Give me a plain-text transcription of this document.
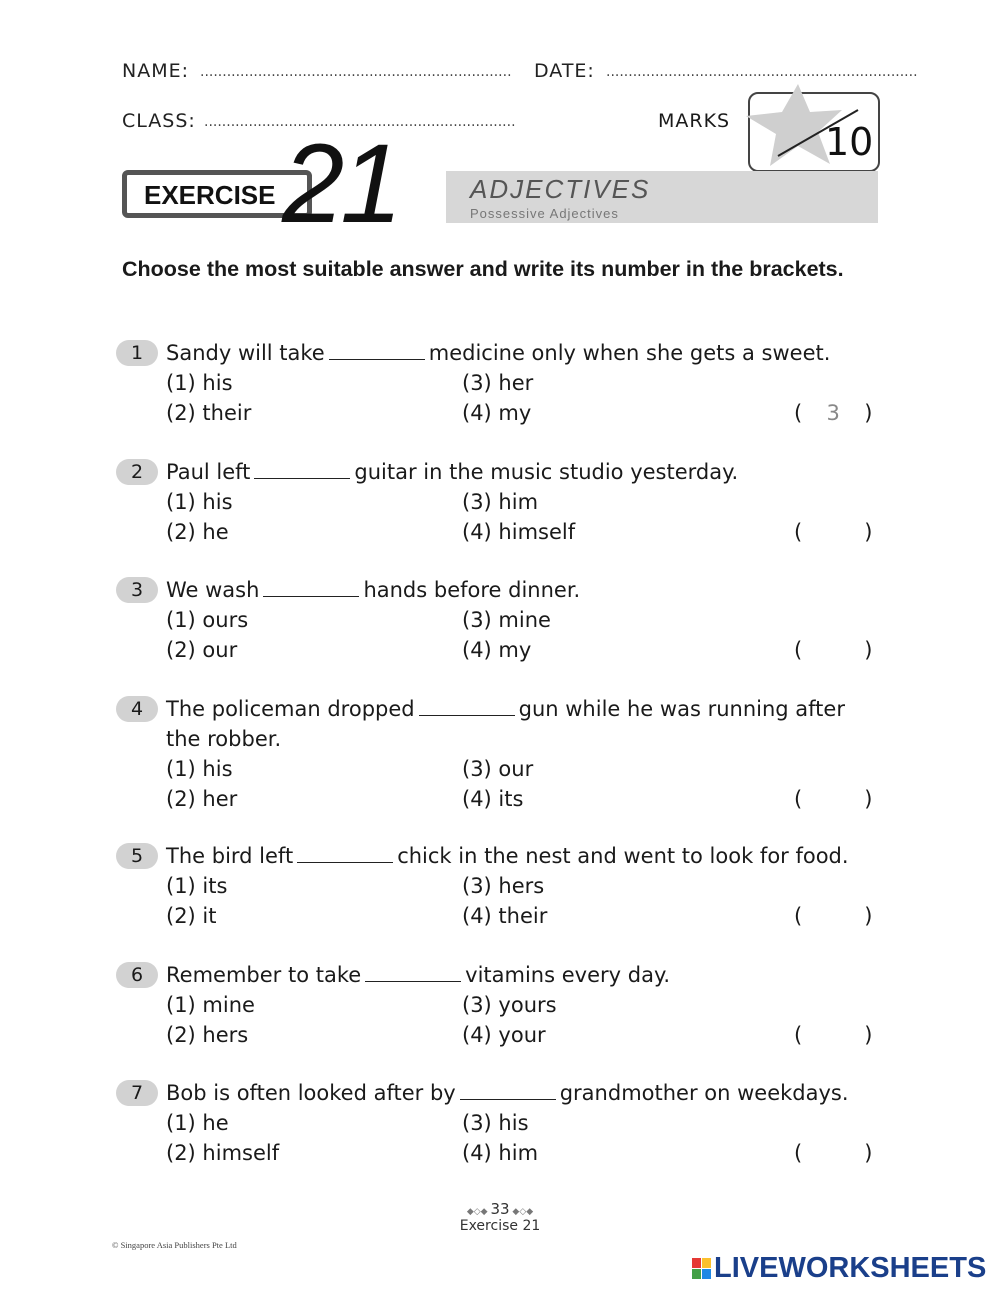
NAME: ...................................................................... DATE: ......................................................................
CLASS: ......................................................................	MARKS 10
EXERCISE 21	ADJECTIVES
Possessive Adjectives
Choose the most suitable answer and write its number in the brackets.
1	Sandy will take	medicine only when she gets a sweet.
(1) his
(2) their
(3) her
(4) my	( 3 )
2	Paul left	guitar in the music studio yesterday.
(1) his
(2) he
(3) him
(4) himself	(	)
3	We wash	hands before dinner.
(1) ours
(2) our
(3) mine
(4) my	(	)
4	The policeman dropped	gun while he was running after
the robber.
(1) his
(2) her
(3) our
(4) its	(	)
5	The bird left	chick in the nest and went to look for food.
(1) its
(2) it
(3) hers
(4) their	(	)
6	Remember to take	vitamins every day.
(1) mine
(2) hers
(3) yours
(4) your	(	)
7	Bob is often looked after by	grandmother on weekdays.
(1) he
(2) himself
(3) his
(4) him	(	)
◆◇◆ 33 ◆◇◆
Exercise 21
© Singapore Asia Publishers Pte Ltd
LIVEWORKSHEETS
